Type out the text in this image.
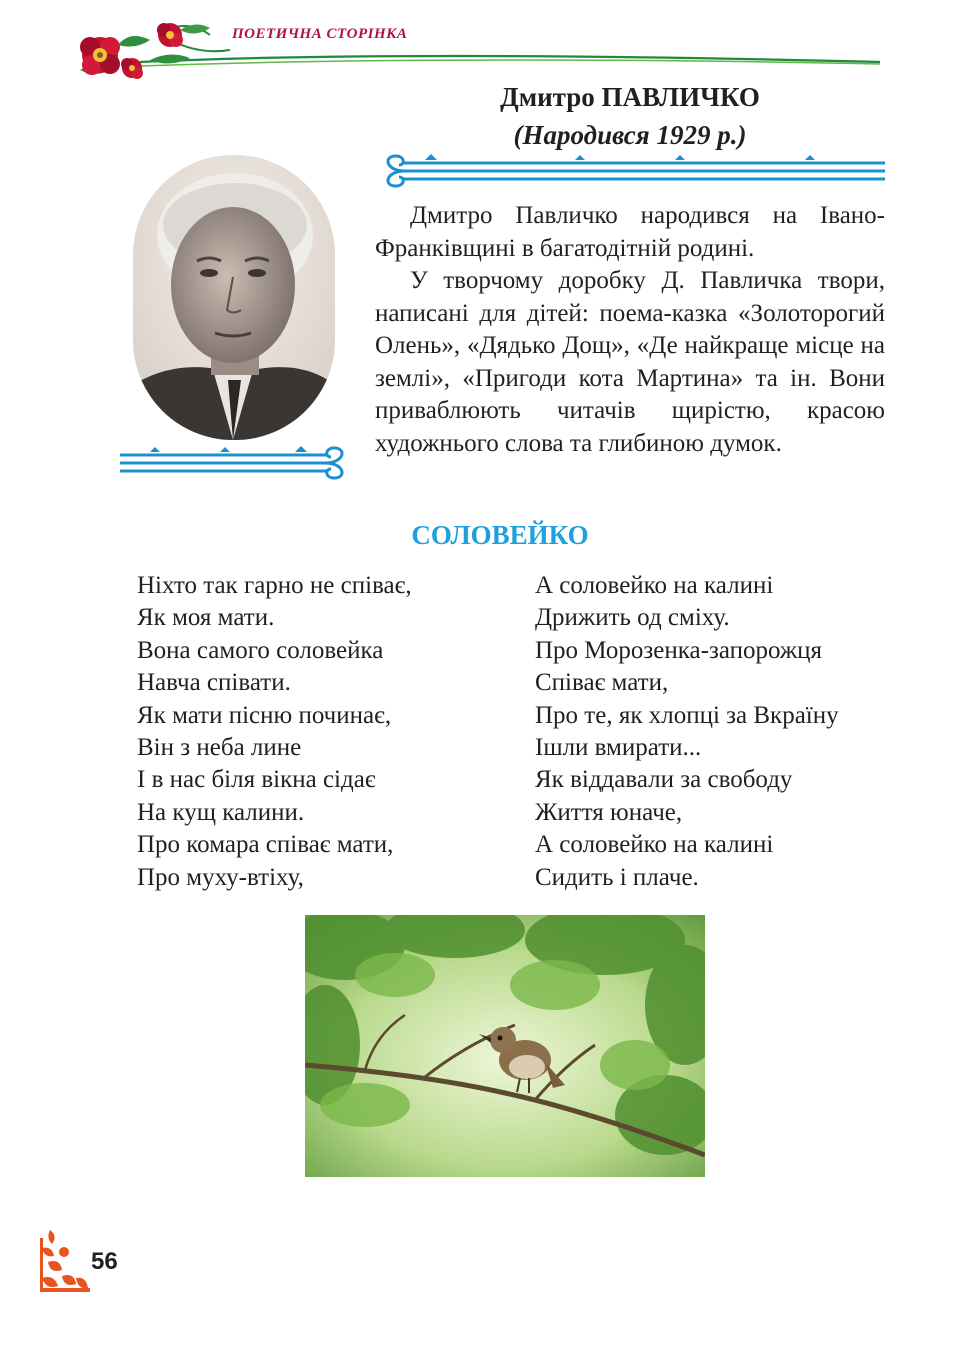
ПОЕТИЧНА СТОРІНКА
Дмитро ПАВЛИЧКО
(Народився 1929 р.)

Дмитро Павличко народився на Івано-Франківщині в багатодітній родині.

У творчому доробку Д. Павличка твори, написані для дітей: поема-казка «Золоторогий Олень», «Дядько Дощ», «Де найкраще місце на землі», «Пригоди кота Мартина» та ін. Вони приваблюють читачів щирістю, красою художнього слова та глибиною думок.

СОЛОВЕЙКО
Ніхто так гарно не співає,
Як моя мати.
Вона самого соловейка
Навча співати.
Як мати пісню починає,
Він з неба лине
І в нас біля вікна сідає
На кущ калини.
Про комара співає мати,
Про муху-втіху,
А соловейко на калині
Дрижить од сміху.
Про Морозенка-запорожця
Співає мати,
Про те, як хлопці за Вкраїну
Ішли вмирати...
Як віддавали за свободу
Життя юначе,
А соловейко на калині
Сидить і плаче.
56
